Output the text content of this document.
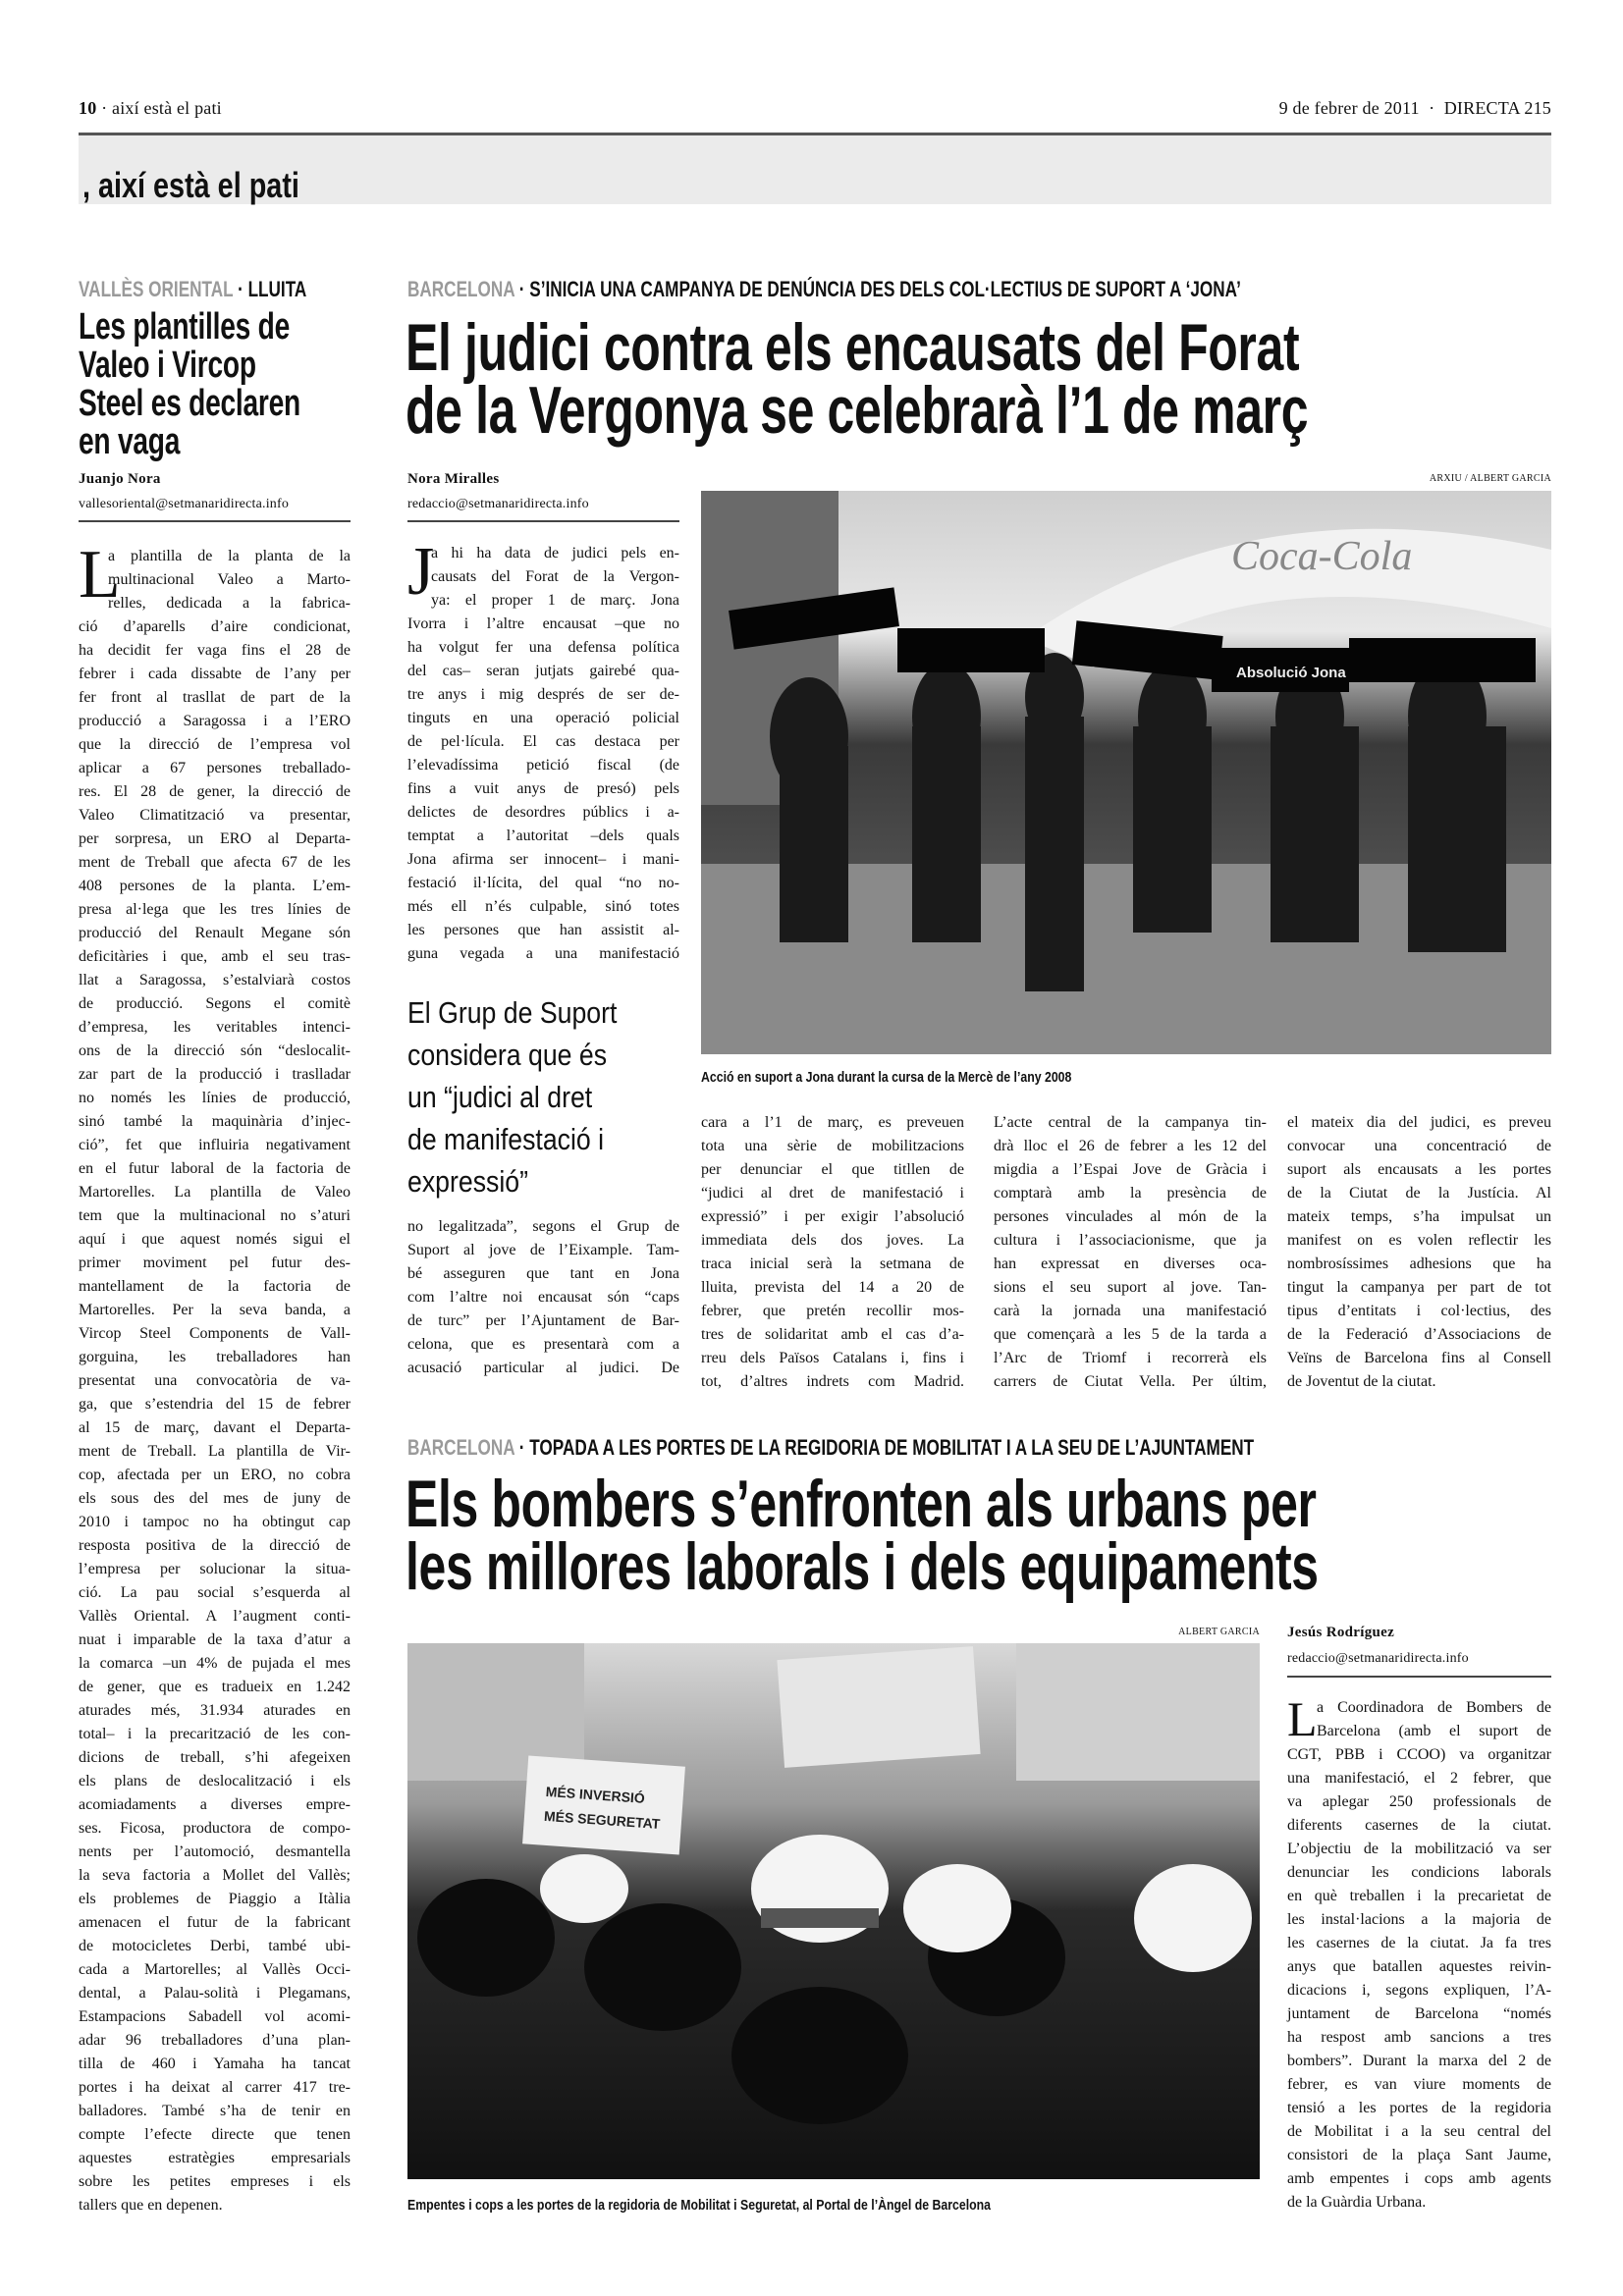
10 · així està el pati	9 de febrer de 2011 · DIRECTA 215
, així està el pati
VALLÈS ORIENTAL · LLUITA
Les plantilles de
Valeo i Vircop
Steel es declaren
en vaga
Juanjo Nora
vallesoriental@setmanaridirecta.info
L
a plantilla de la planta de la
multinacional Valeo a Marto-
relles, dedicada a la fabrica-
ció d’aparells d’aire condicionat,
ha decidit fer vaga fins el 28 de
febrer i cada dissabte de l’any per
fer front al trasllat de part de la
producció a Saragossa i a l’ERO
que la direcció de l’empresa vol
aplicar a 67 persones treballado-
res. El 28 de gener, la direcció de
Valeo Climatització va presentar,
per sorpresa, un ERO al Departa-
ment de Treball que afecta 67 de les
408 persones de la planta. L’em-
presa al·lega que les tres línies de
producció del Renault Megane són
deficitàries i que, amb el seu tras-
llat a Saragossa, s’estalviarà costos
de producció. Segons el comitè
d’empresa, les veritables intenci-
ons de la direcció són “deslocalit-
zar part de la producció i traslladar
no només les línies de producció,
sinó també la maquinària d’injec-
ció”, fet que influiria negativament
en el futur laboral de la factoria de
Martorelles. La plantilla de Valeo
tem que la multinacional no s’aturi
aquí i que aquest només sigui el
primer moviment pel futur des-
mantellament de la factoria de
Martorelles. Per la seva banda, a
Vircop Steel Components de Vall-
gorguina, les treballadores han
presentat una convocatòria de va-
ga, que s’estendria del 15 de febrer
al 15 de març, davant el Departa-
ment de Treball. La plantilla de Vir-
cop, afectada per un ERO, no cobra
els sous des del mes de juny de
2010 i tampoc no ha obtingut cap
resposta positiva de la direcció de
l’empresa per solucionar la situa-
ció. La pau social s’esquerda al
Vallès Oriental. A l’augment conti-
nuat i imparable de la taxa d’atur a
la comarca –un 4% de pujada el mes
de gener, que es tradueix en 1.242
aturades més, 31.934 aturades en
total– i la precarització de les con-
dicions de treball, s’hi afegeixen
els plans de deslocalització i els
acomiadaments a diverses empre-
ses. Ficosa, productora de compo-
nents per l’automoció, desmantella
la seva factoria a Mollet del Vallès;
els problemes de Piaggio a Itàlia
amenacen el futur de la fabricant
de motocicletes Derbi, també ubi-
cada a Martorelles; al Vallès Occi-
dental, a Palau-solità i Plegamans,
Estampacions Sabadell vol acomi-
adar 96 treballadores d’una plan-
tilla de 460 i Yamaha ha tancat
portes i ha deixat al carrer 417 tre-
balladores. També s’ha de tenir en
compte l’efecte directe que tenen
aquestes estratègies empresarials
sobre les petites empreses i els
tallers que en depenen.
BARCELONA · S’INICIA UNA CAMPANYA DE DENÚNCIA DES DELS COL·LECTIUS DE SUPORT A ‘JONA’
El judici contra els encausats del Forat
de la Vergonya se celebrarà l’1 de març
Nora Miralles
redaccio@setmanaridirecta.info
ARXIU / ALBERT GARCIA
Coca-Cola
Absolució Jona
Acció en suport a Jona durant la cursa de la Mercè de l’any 2008
J
a hi ha data de judici pels en-
causats del Forat de la Vergon-
ya: el proper 1 de març. Jona
Ivorra i l’altre encausat –que no
ha volgut fer una defensa política
del cas– seran jutjats gairebé qua-
tre anys i mig després de ser de-
tinguts en una operació policial
de pel·lícula. El cas destaca per
l’elevadíssima petició fiscal (de
fins a vuit anys de presó) pels
delictes de desordres públics i a-
temptat a l’autoritat –dels quals
Jona afirma ser innocent– i mani-
festació il·lícita, del qual “no no-
més ell n’és culpable, sinó totes
les persones que han assistit al-
guna vegada a una manifestació
El Grup de Suport
considera que és
un “judici al dret
de manifestació i
expressió”
no legalitzada”, segons el Grup de
Suport al jove de l’Eixample. Tam-
bé asseguren que tant en Jona
com l’altre noi encausat són “caps
de turc” per l’Ajuntament de Bar-
celona, que es presentarà com a
acusació particular al judici. De
cara a l’1 de març, es preveuen
tota una sèrie de mobilitzacions
per denunciar el que titllen de
“judici al dret de manifestació i
expressió” i per exigir l’absolució
immediata dels dos joves. La
traca inicial serà la setmana de
lluita, prevista del 14 a 20 de
febrer, que pretén recollir mos-
tres de solidaritat amb el cas d’a-
rreu dels Països Catalans i, fins i
tot, d’altres indrets com Madrid.
L’acte central de la campanya tin-
drà lloc el 26 de febrer a les 12 del
migdia a l’Espai Jove de Gràcia i
comptarà amb la presència de
persones vinculades al món de la
cultura i l’associacionisme, que ja
han expressat en diverses oca-
sions el seu suport al jove. Tan-
carà la jornada una manifestació
que començarà a les 5 de la tarda a
l’Arc de Triomf i recorrerà els
carrers de Ciutat Vella. Per últim,
el mateix dia del judici, es preveu
convocar una concentració de
suport als encausats a les portes
de la Ciutat de la Justícia. Al
mateix temps, s’ha impulsat un
manifest on es volen reflectir les
nombrosíssimes adhesions que ha
tingut la campanya per part de tot
tipus d’entitats i col·lectius, des
de la Federació d’Associacions de
Veïns de Barcelona fins al Consell
de Joventut de la ciutat.
BARCELONA · TOPADA A LES PORTES DE LA REGIDORIA DE MOBILITAT I A LA SEU DE L’AJUNTAMENT
Els bombers s’enfronten als urbans per
les millores laborals i dels equipaments
ALBERT GARCIA
MÉS INVERSIÓ
MÉS SEGURETAT
Empentes i cops a les portes de la regidoria de Mobilitat i Seguretat, al Portal de l’Àngel de Barcelona
Jesús Rodríguez
redaccio@setmanaridirecta.info
L a Coordinadora de Bombers de
Barcelona (amb el suport de
CGT, PBB i CCOO) va organitzar
una manifestació, el 2 febrer, que
va aplegar 250 professionals de
diferents casernes de la ciutat.
L’objectiu de la mobilització va ser
denunciar les condicions laborals
en què treballen i la precarietat de
les instal·lacions a la majoria de
les casernes de la ciutat. Ja fa tres
anys que batallen aquestes reivin-
dicacions i, segons expliquen, l’A-
juntament de Barcelona “només
ha respost amb sancions a tres
bombers”. Durant la marxa del 2 de
febrer, es van viure moments de
tensió a les portes de la regidoria
de Mobilitat i a la seu central del
consistori de la plaça Sant Jaume,
amb empentes i cops amb agents
de la Guàrdia Urbana.
